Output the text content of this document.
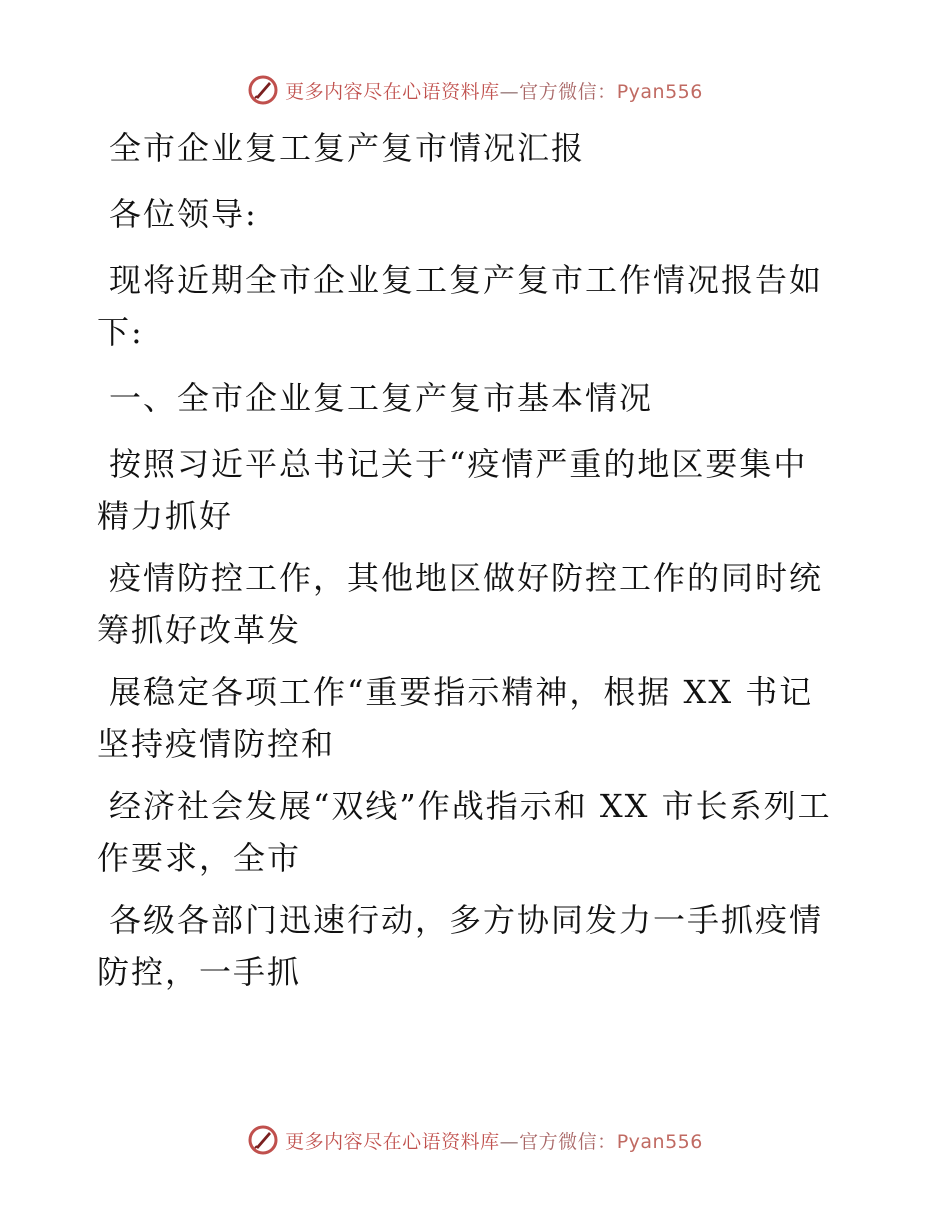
更多内容尽在心语资料库—官方微信：Pyan556

全市企业复工复产复市情况汇报

各位领导:

现将近期全市企业复工复产复市工作情况报告如下:

一、全市企业复工复产复市基本情况

按照习近平总书记关于“疫情严重的地区要集中精力抓好

疫情防控工作，其他地区做好防控工作的同时统筹抓好改革发

展稳定各项工作“重要指示精神，根据 XX 书记坚持疫情防控和

经济社会发展“双线”作战指示和 XX 市长系列工作要求，全市

各级各部门迅速行动，多方协同发力一手抓疫情防控，一手抓

更多内容尽在心语资料库—官方微信：Pyan556
